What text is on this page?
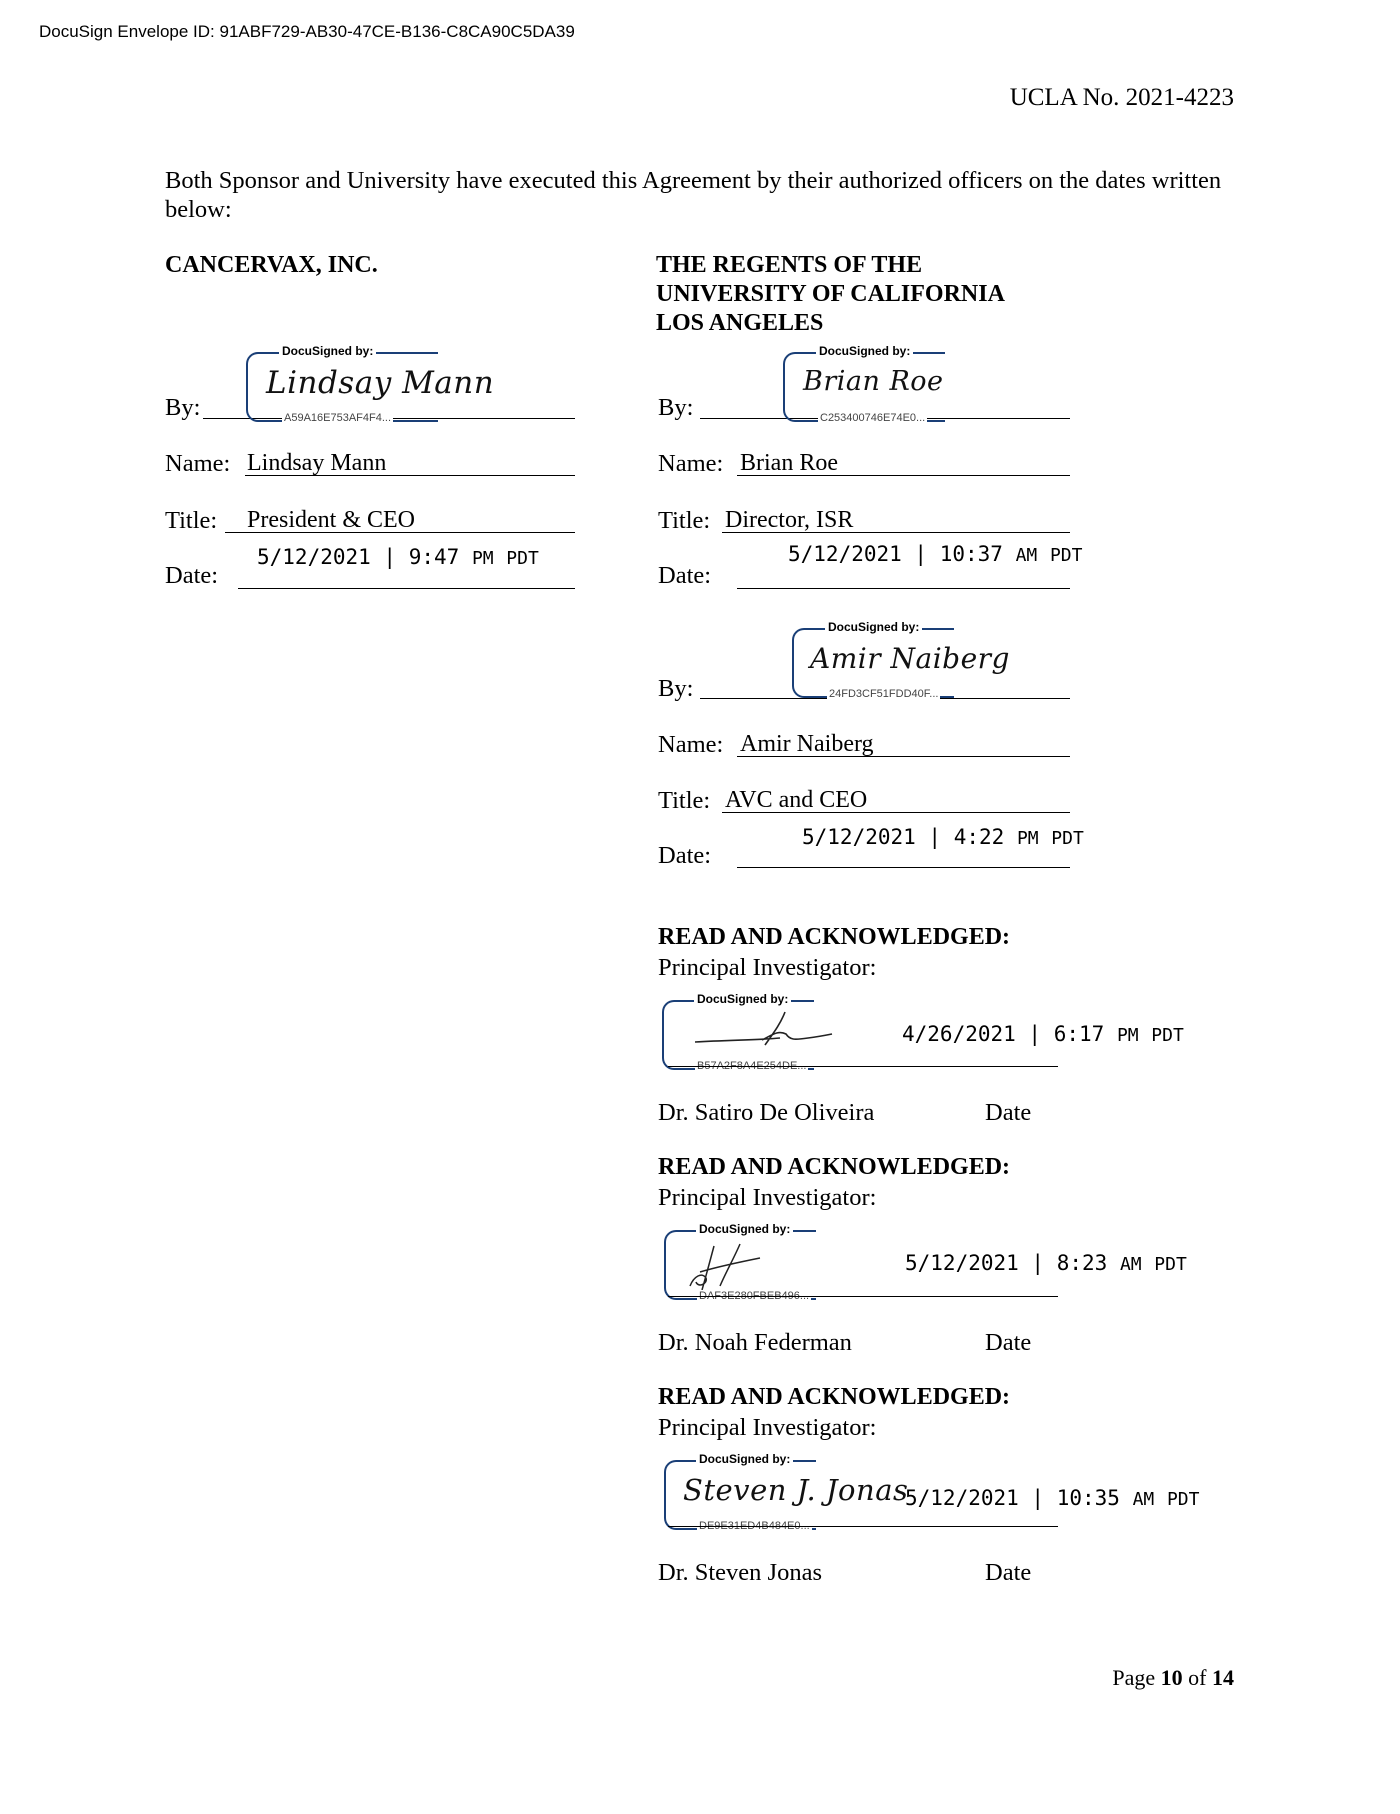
DocuSign Envelope ID: 91ABF729-AB30-47CE-B136-C8CA90C5DA39
UCLA No. 2021-4223
Both Sponsor and University have executed this Agreement by their authorized officers on the dates written below:
CANCERVAX, INC.	THE REGENTS OF THE
UNIVERSITY OF CALIFORNIA
LOS ANGELES
By:
DocuSigned by:
Lindsay Mann
A59A16E753AF4F4...
Name: Lindsay Mann
Title: President & CEO
5/12/2021 | 9:47 PM PDT
Date:
By:
DocuSigned by:
Brian Roe
C253400746E74E0...
Name: Brian Roe
Title: Director, ISR
5/12/2021 | 10:37 AM PDT
Date:
By:
DocuSigned by:
Amir Naiberg
24FD3CF51FDD40F...
Name: Amir Naiberg
Title: AVC and CEO
5/12/2021 | 4:22 PM PDT
Date:
READ AND ACKNOWLEDGED:
Principal Investigator:
DocuSigned by:
B57A2F8A4E254DE...
4/26/2021 | 6:17 PM PDT
Dr. Satiro De Oliveira	Date
READ AND ACKNOWLEDGED:
Principal Investigator:
DocuSigned by:
DAF3E280FBEB496...
5/12/2021 | 8:23 AM PDT
Dr. Noah Federman	Date
READ AND ACKNOWLEDGED:
Principal Investigator:
DocuSigned by:
Steven J. Jonas
DE9E31ED4B484E0...
5/12/2021 | 10:35 AM PDT
Dr. Steven Jonas	Date
Page 10 of 14
